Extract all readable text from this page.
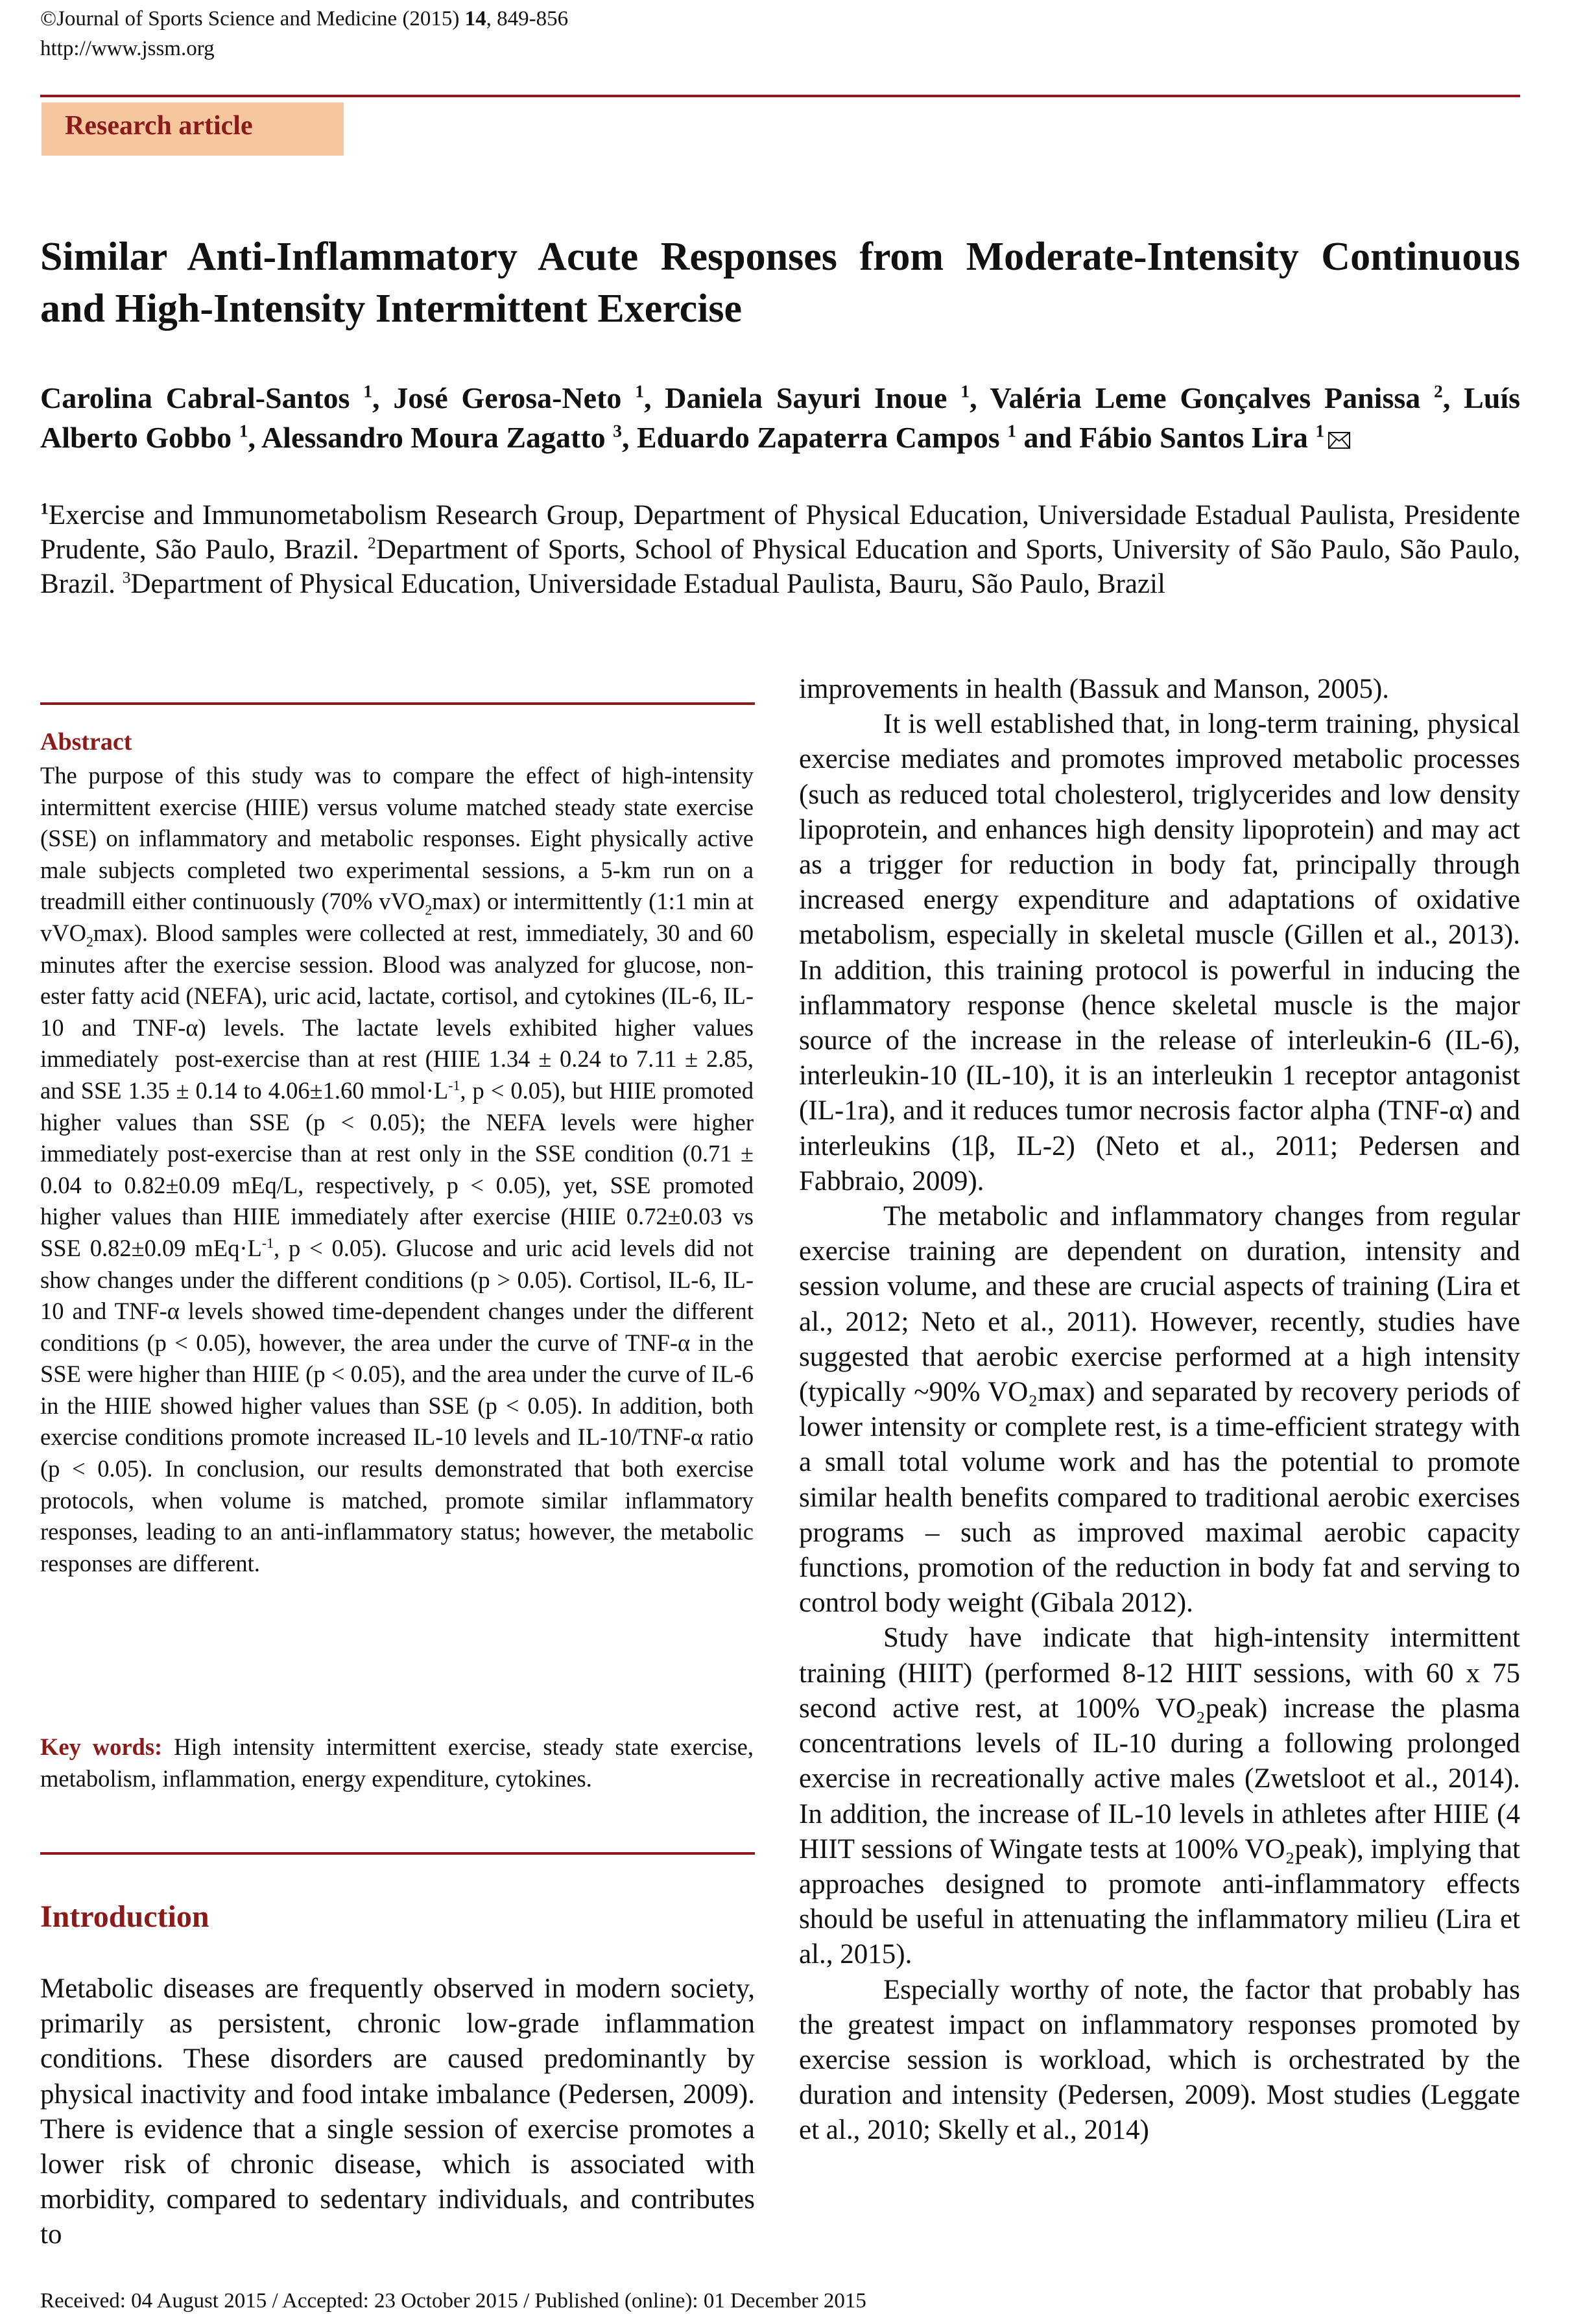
©Journal of Sports Science and Medicine (2015) 14, 849-856
http://www.jssm.org
Research article
Similar Anti-Inflammatory Acute Responses from Moderate-Intensity Continuous and High-Intensity Intermittent Exercise
Carolina Cabral-Santos $^1$, José Gerosa-Neto $^1$, Daniela Sayuri Inoue $^1$, Valéria Leme Gonçalves Panissa $^2$, Luís Alberto Gobbo $^1$, Alessandro Moura Zagatto $^3$, Eduardo Zapaterra Campos $^1$ and Fábio Santos Lira $^1$
$^1$Exercise and Immunometabolism Research Group, Department of Physical Education, Universidade Estadual Paulista, Presidente Prudente, São Paulo, Brazil. $^2$Department of Sports, School of Physical Education and Sports, University of São Paulo, São Paulo, Brazil. $^3$Department of Physical Education, Universidade Estadual Paulista, Bauru, São Paulo, Brazil
Abstract
The purpose of this study was to compare the effect of high-intensity intermittent exercise (HIIE) versus volume matched steady state exercise (SSE) on inflammatory and metabolic responses. Eight physically active male subjects completed two experimental sessions, a 5-km run on a treadmill either continuously (70% vVO$_2$max) or intermittently (1:1 min at vVO$_2$max). Blood samples were collected at rest, immediately, 30 and 60 minutes after the exercise session. Blood was analyzed for glucose, non-ester fatty acid (NEFA), uric acid, lactate, cortisol, and cytokines (IL-6, IL-10 and TNF-α) levels. The lactate levels exhibited higher values immediately  post-exercise than at rest (HIIE 1.34 ± 0.24 to 7.11 ± 2.85, and SSE 1.35 ± 0.14 to 4.06±1.60 $mmol\cdot L^{-1}$, p < 0.05), but HIIE promoted higher values than SSE (p < 0.05); the NEFA levels were higher immediately post-exercise than at rest only in the SSE condition (0.71 ± 0.04 to 0.82±0.09 mEq/L, respectively, p < 0.05), yet, SSE promoted higher values than HIIE immediately after exercise (HIIE 0.72±0.03 vs SSE 0.82±0.09 $mEq\cdot L^{-1}$, p < 0.05). Glucose and uric acid levels did not show changes under the different conditions (p > 0.05). Cortisol, IL-6, IL-10 and TNF-α levels showed time-dependent changes under the different conditions (p < 0.05), however, the area under the curve of TNF-α in the SSE were higher than HIIE (p < 0.05), and the area under the curve of IL-6 in the HIIE showed higher values than SSE (p < 0.05). In addition, both exercise conditions promote increased IL-10 levels and IL-10/TNF-α ratio (p < 0.05). In conclusion, our results demonstrated that both exercise protocols, when volume is matched, promote similar inflammatory responses, leading to an anti-inflammatory status; however, the metabolic responses are different.
Key words: High intensity intermittent exercise, steady state exercise, metabolism, inflammation, energy expenditure, cytokines.
Introduction
Metabolic diseases are frequently observed in modern society, primarily as persistent, chronic low-grade inflammation conditions. These disorders are caused predominantly by physical inactivity and food intake imbalance (Pedersen, 2009). There is evidence that a single session of exercise promotes a lower risk of chronic disease, which is associated with morbidity, compared to sedentary individuals, and contributes to

improvements in health (Bassuk and Manson, 2005).

It is well established that, in long-term training, physical exercise mediates and promotes improved metabolic processes (such as reduced total cholesterol, triglycerides and low density lipoprotein, and enhances high density lipoprotein) and may act as a trigger for reduction in body fat, principally through increased energy expenditure and adaptations of oxidative metabolism, especially in skeletal muscle (Gillen et al., 2013). In addition, this training protocol is powerful in inducing the inflammatory response (hence skeletal muscle is the major source of the increase in the release of interleukin-6 (IL-6), interleukin-10 (IL-10), it is an interleukin 1 receptor antagonist (IL-1ra), and it reduces tumor necrosis factor alpha (TNF-α) and interleukins (1β, IL-2) (Neto et al., 2011; Pedersen and Fabbraio, 2009).

The metabolic and inflammatory changes from regular exercise training are dependent on duration, intensity and session volume, and these are crucial aspects of training (Lira et al., 2012; Neto et al., 2011). However, recently, studies have suggested that aerobic exercise performed at a high intensity (typically ~90% VO₂max) and separated by recovery periods of lower intensity or complete rest, is a time-efficient strategy with a small total volume work and has the potential to promote similar health benefits compared to traditional aerobic exercises programs – such as improved maximal aerobic capacity functions, promotion of the reduction in body fat and serving to control body weight (Gibala 2012).

Study have indicate that high-intensity intermittent training (HIIT) (performed 8-12 HIIT sessions, with 60 x 75 second active rest, at 100% VO₂peak) increase the plasma concentrations levels of IL-10 during a following prolonged exercise in recreationally active males (Zwetsloot et al., 2014). In addition, the increase of IL-10 levels in athletes after HIIE (4 HIIT sessions of Wingate tests at 100% VO₂peak), implying that approaches designed to promote anti-inflammatory effects should be useful in attenuating the inflammatory milieu (Lira et al., 2015).

Especially worthy of note, the factor that probably has the greatest impact on inflammatory responses promoted by exercise session is workload, which is orchestrated by the duration and intensity (Pedersen, 2009). Most studies (Leggate et al., 2010; Skelly et al., 2014)

Received: 04 August 2015 / Accepted: 23 October 2015 / Published (online): 01 December 2015
